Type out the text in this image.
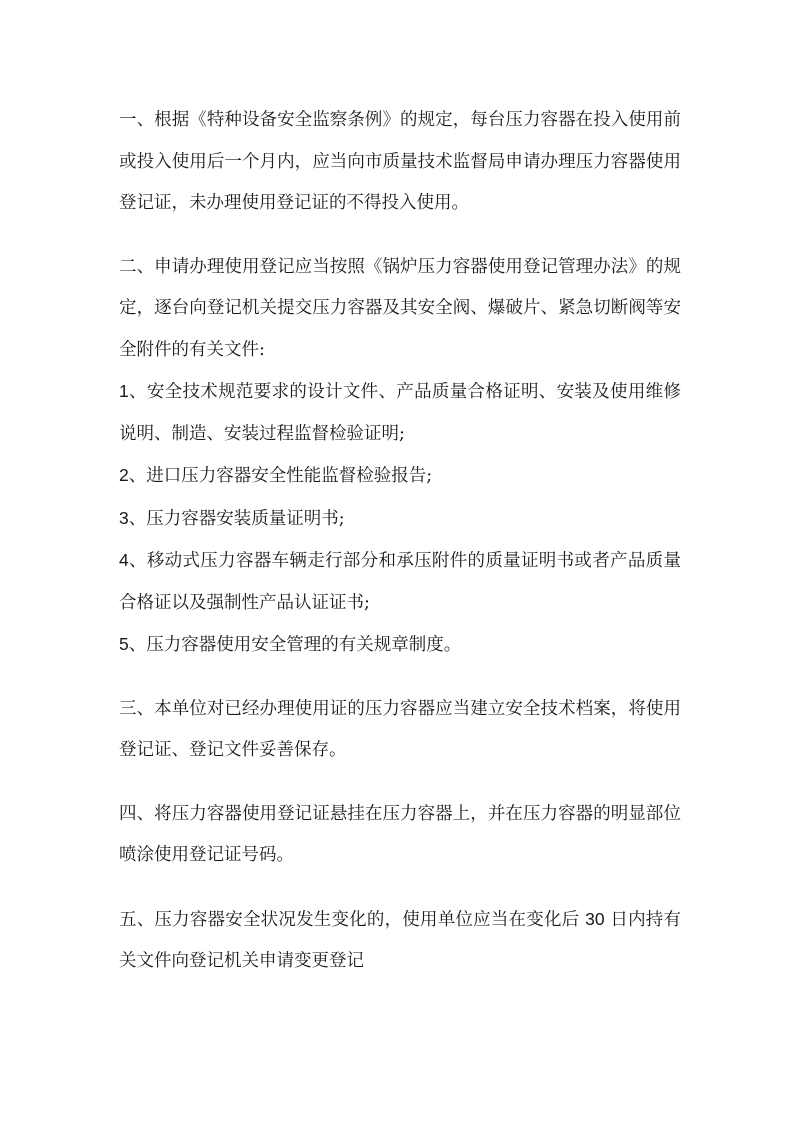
一、根据《特种设备安全监察条例》的规定，每台压力容器在投入使用前或投入使用后一个月内，应当向市质量技术监督局申请办理压力容器使用登记证，未办理使用登记证的不得投入使用。

二、申请办理使用登记应当按照《锅炉压力容器使用登记管理办法》的规定，逐台向登记机关提交压力容器及其安全阀、爆破片、紧急切断阀等安全附件的有关文件:

1、安全技术规范要求的设计文件、产品质量合格证明、安装及使用维修说明、制造、安装过程监督检验证明;

2、进口压力容器安全性能监督检验报告;

3、压力容器安装质量证明书;

4、移动式压力容器车辆走行部分和承压附件的质量证明书或者产品质量合格证以及强制性产品认证证书;

5、压力容器使用安全管理的有关规章制度。

三、本单位对已经办理使用证的压力容器应当建立安全技术档案，将使用登记证、登记文件妥善保存。

四、将压力容器使用登记证悬挂在压力容器上，并在压力容器的明显部位喷涂使用登记证号码。

五、压力容器安全状况发生变化的，使用单位应当在变化后 30 日内持有关文件向登记机关申请变更登记
